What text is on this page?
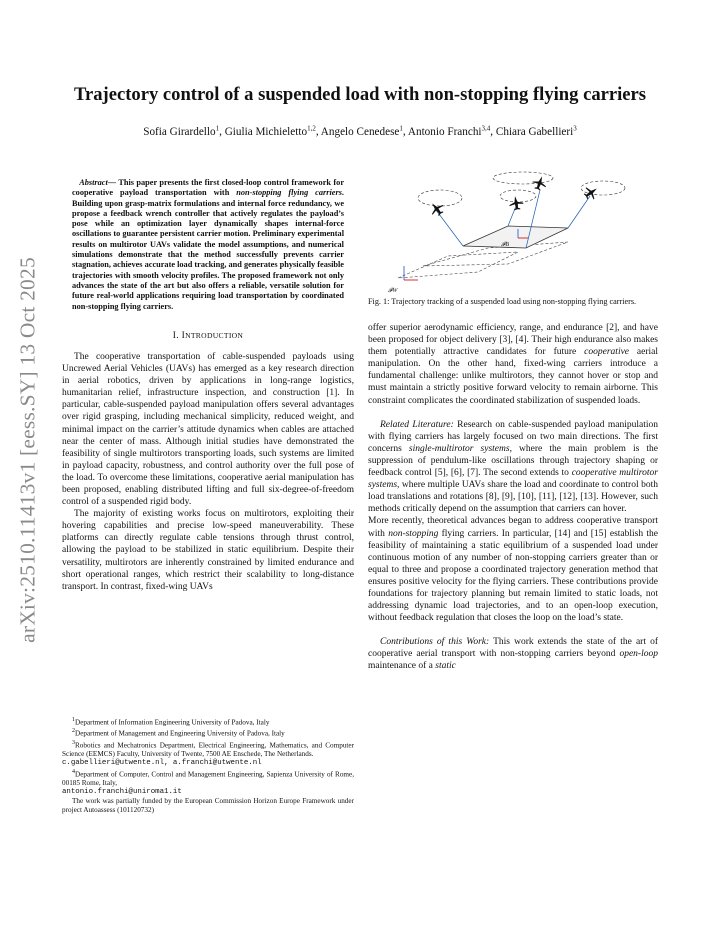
arXiv:2510.11413v1 [eess.SY] 13 Oct 2025
Trajectory control of a suspended load with non-stopping flying carriers
Sofia Girardello$^1$, Giulia Michieletto$^{1,2}$, Angelo Cenedese$^1$, Antonio Franchi$^{3,4}$, Chiara Gabellieri$^3$

Abstract— This paper presents the first closed-loop control framework for cooperative payload transportation with non-stopping flying carriers. Building upon grasp-matrix formulations and internal force redundancy, we propose a feedback wrench controller that actively regulates the payload’s pose while an optimization layer dynamically shapes internal-force oscillations to guarantee persistent carrier motion. Preliminary experimental results on multirotor UAVs validate the model assumptions, and numerical simulations demonstrate that the method successfully prevents carrier stagnation, achieves accurate load tracking, and generates physically feasible trajectories with smooth velocity profiles. The proposed framework not only advances the state of the art but also offers a reliable, versatile solution for future real-world applications requiring load transportation by coordinated non-stopping flying carriers.

I. INTRODUCTION

The cooperative transportation of cable-suspended payloads using Uncrewed Aerial Vehicles (UAVs) has emerged as a key research direction in aerial robotics, driven by applications in long-range logistics, humanitarian relief, infrastructure inspection, and construction [1]. In particular, cable-suspended payload manipulation offers several advantages over rigid grasping, including mechanical simplicity, reduced weight, and minimal impact on the carrier’s attitude dynamics when cables are attached near the center of mass. Although initial studies have demonstrated the feasibility of single multirotors transporting loads, such systems are limited in payload capacity, robustness, and control authority over the full pose of the load. To overcome these limitations, cooperative aerial manipulation has been proposed, enabling distributed lifting and full six-degree-of-freedom control of a suspended rigid body.

The majority of existing works focus on multirotors, exploiting their hovering capabilities and precise low-speed maneuverability. These platforms can directly regulate cable tensions through thrust control, allowing the payload to be stabilized in static equilibrium. Despite their versatility, multirotors are inherently constrained by limited endurance and short operational ranges, which restrict their scalability to long-distance transport. In contrast, fixed-wing UAVs

$^1$Department of Information Engineering University of Padova, Italy

$^2$Department of Management and Engineering University of Padova, Italy

$^3$Robotics and Mechatronics Department, Electrical Engineering, Mathematics, and Computer Science (EEMCS) Faculty, University of Twente, 7500 AE Enschede, The Netherlands.

c.gabellieri@utwente.nl, a.franchi@utwente.nl

$^4$Department of Computer, Control and Management Engineering, Sapienza University of Rome, 00185 Rome, Italy,

antonio.franchi@uniroma1.it

The work was partially funded by the European Commission Horizon Europe Framework under project Autoassess (101120732)

𝓕B
𝓕W

Fig. 1: Trajectory tracking of a suspended load using non-stopping flying carriers.

offer superior aerodynamic efficiency, range, and endurance [2], and have been proposed for object delivery [3], [4]. Their high endurance also makes them potentially attractive candidates for future cooperative aerial manipulation. On the other hand, fixed-wing carriers introduce a fundamental challenge: unlike multirotors, they cannot hover or stop and must maintain a strictly positive forward velocity to remain airborne. This constraint complicates the coordinated stabilization of suspended loads.

Related Literature: Research on cable-suspended payload manipulation with flying carriers has largely focused on two main directions. The first concerns single-multirotor systems, where the main problem is the suppression of pendulum-like oscillations through trajectory shaping or feedback control [5], [6], [7]. The second extends to cooperative multirotor systems, where multiple UAVs share the load and coordinate to control both load translations and rotations [8], [9], [10], [11], [12], [13]. However, such methods critically depend on the assumption that carriers can hover.

More recently, theoretical advances began to address cooperative transport with non-stopping flying carriers. In particular, [14] and [15] establish the feasibility of maintaining a static equilibrium of a suspended load under continuous motion of any number of non-stopping carriers greater than or equal to three and propose a coordinated trajectory generation method that ensures positive velocity for the flying carriers. These contributions provide foundations for trajectory planning but remain limited to static loads, not addressing dynamic load trajectories, and to an open-loop execution, without feedback regulation that closes the loop on the load’s state.

Contributions of this Work: This work extends the state of the art of cooperative aerial transport with non-stopping carriers beyond open-loop maintenance of a static
